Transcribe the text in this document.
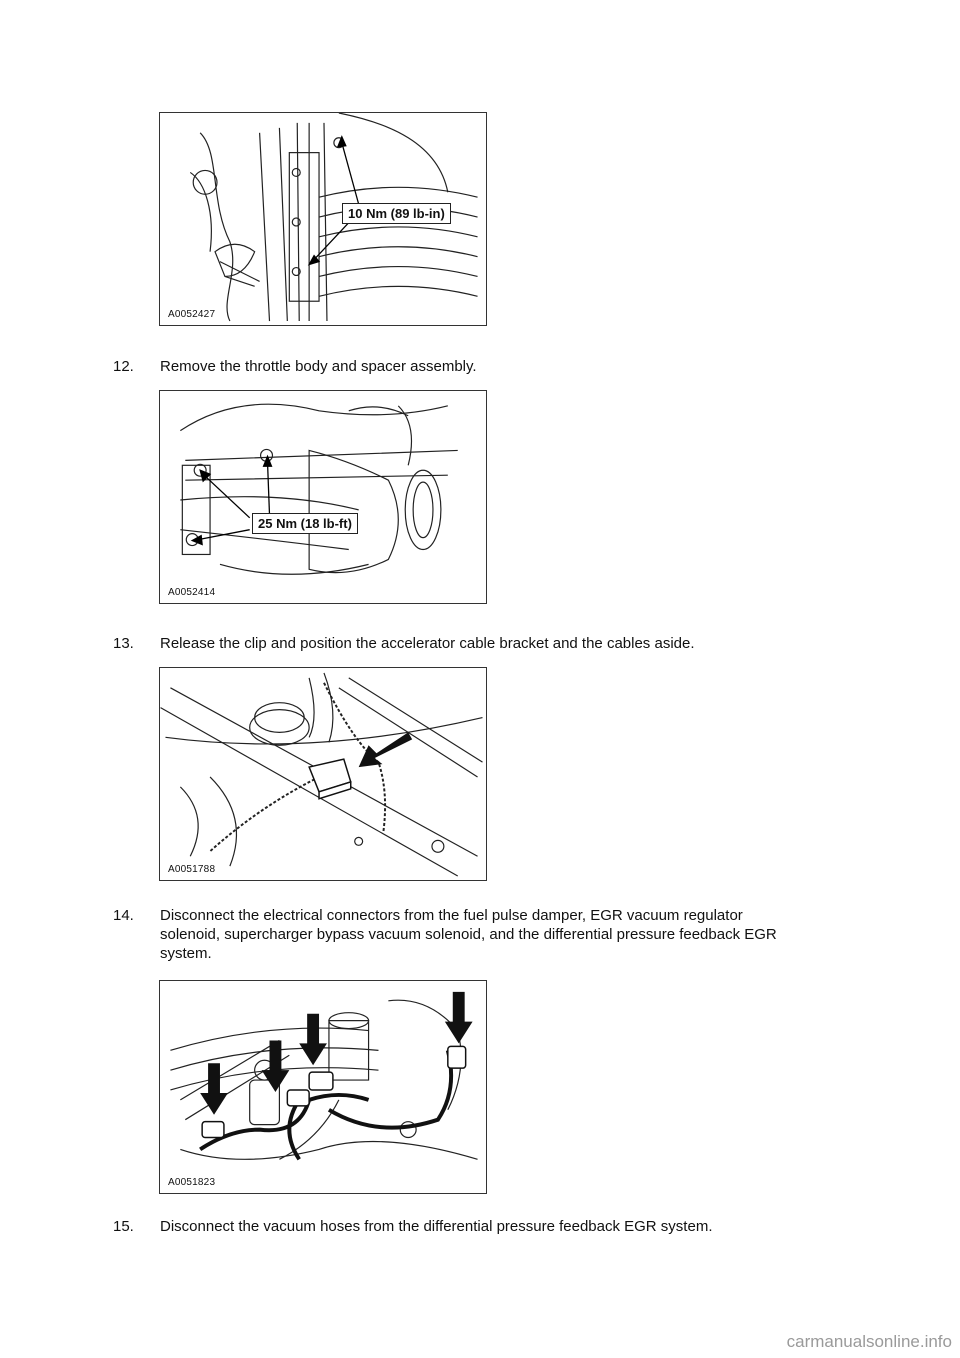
10 Nm (89 lb-in)
A0052427
12.	Remove the throttle body and spacer assembly.
25 Nm (18 lb-ft)
A0052414
13.	Release the clip and position the accelerator cable bracket and the cables aside.
A0051788
14.	Disconnect the electrical connectors from the fuel pulse damper, EGR vacuum regulator solenoid, supercharger bypass vacuum solenoid, and the differential pressure feedback EGR system.
A0051823
15.	Disconnect the vacuum hoses from the differential pressure feedback EGR system.
carmanualsonline.info
